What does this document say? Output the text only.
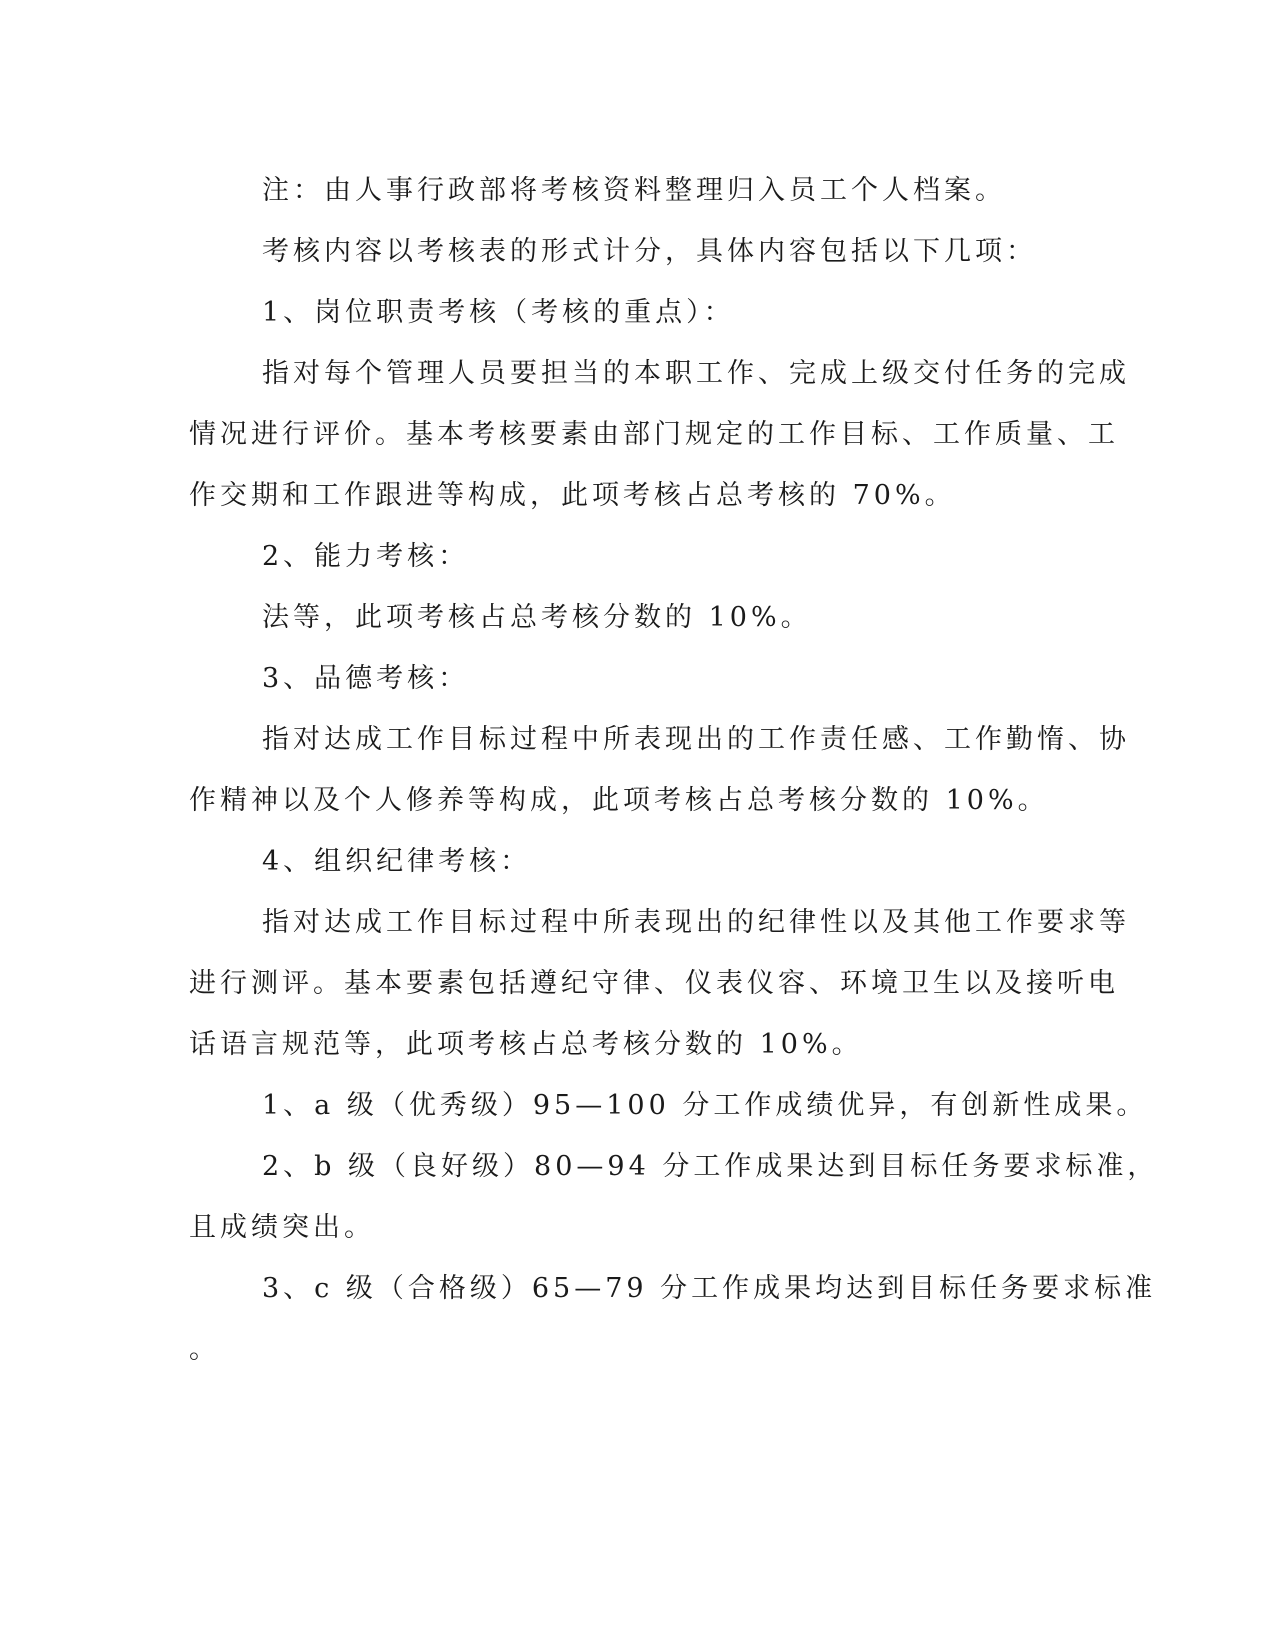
注：由人事行政部将考核资料整理归入员工个人档案。

考核内容以考核表的形式计分，具体内容包括以下几项：

1、岗位职责考核（考核的重点）：

指对每个管理人员要担当的本职工作、完成上级交付任务的完成

情况进行评价。基本考核要素由部门规定的工作目标、工作质量、工

作交期和工作跟进等构成，此项考核占总考核的 70%。

2、能力考核：

法等，此项考核占总考核分数的 10%。

3、品德考核：

指对达成工作目标过程中所表现出的工作责任感、工作勤惰、协

作精神以及个人修养等构成，此项考核占总考核分数的 10%。

4、组织纪律考核：

指对达成工作目标过程中所表现出的纪律性以及其他工作要求等

进行测评。基本要素包括遵纪守律、仪表仪容、环境卫生以及接听电

话语言规范等，此项考核占总考核分数的 10%。

1、a 级（优秀级）95—100 分工作成绩优异，有创新性成果。

2、b 级（良好级）80—94 分工作成果达到目标任务要求标准，

且成绩突出。

3、c 级（合格级）65—79 分工作成果均达到目标任务要求标准

。
